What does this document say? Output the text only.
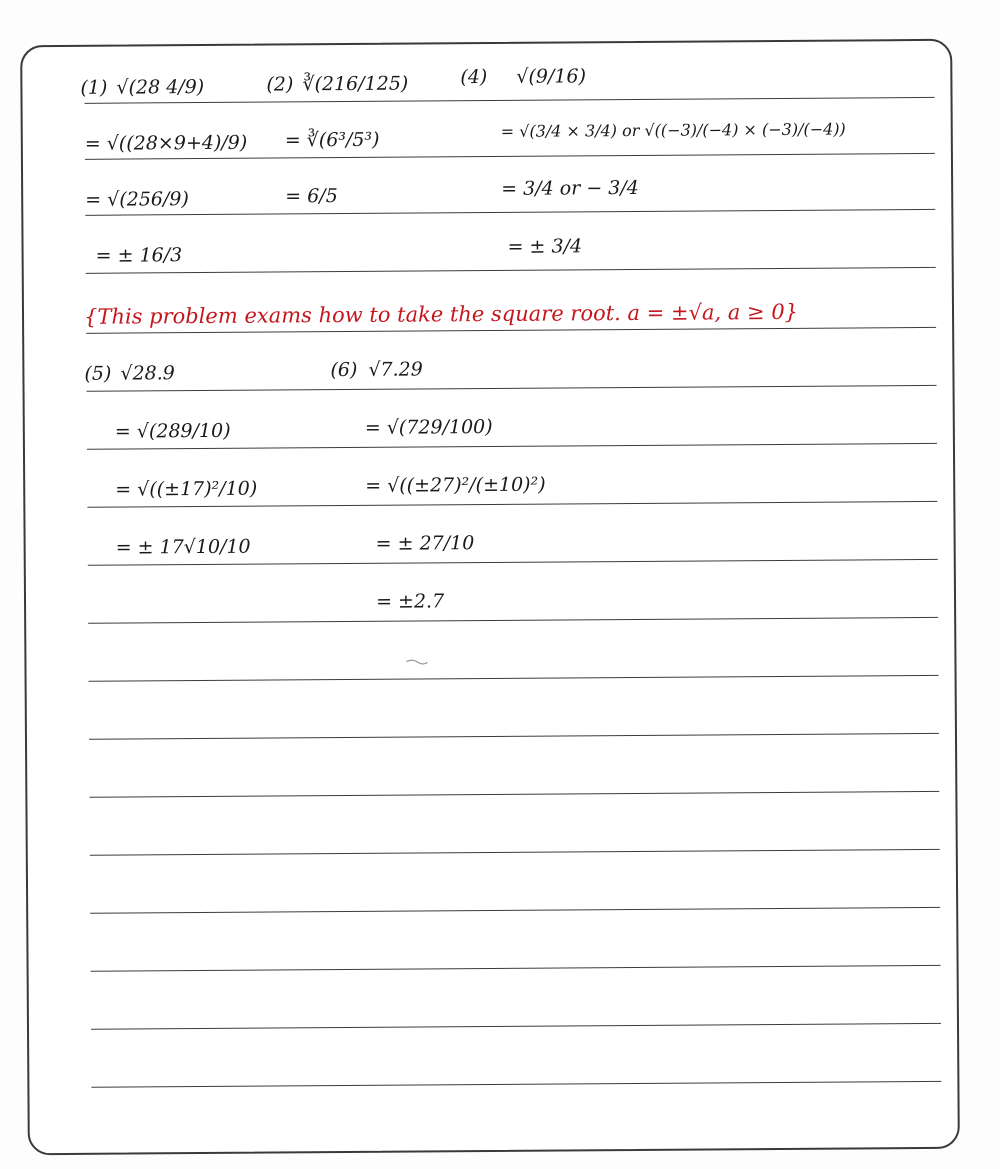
(1) √(28 4/9)
= √((28×9+4)/9)
= √(256/9)
= ± 16/3
(2) ∛(216/125)
= ∛(6³/5³)
= 6/5
(4) √(9/16)
= √(3/4 × 3/4) or √((−3)/(−4) × (−3)/(−4))
= 3/4 or − 3/4
= ± 3/4
{This problem exams how to take the square root. a = ±√a, a ≥ 0}
(5) √28.9
= √(289/10)
= √((±17)²/10)
= ± 17√10/10
(6) √7.29
= √(729/100)
= √((±27)²/(±10)²)
= ± 27/10
= ±2.7
